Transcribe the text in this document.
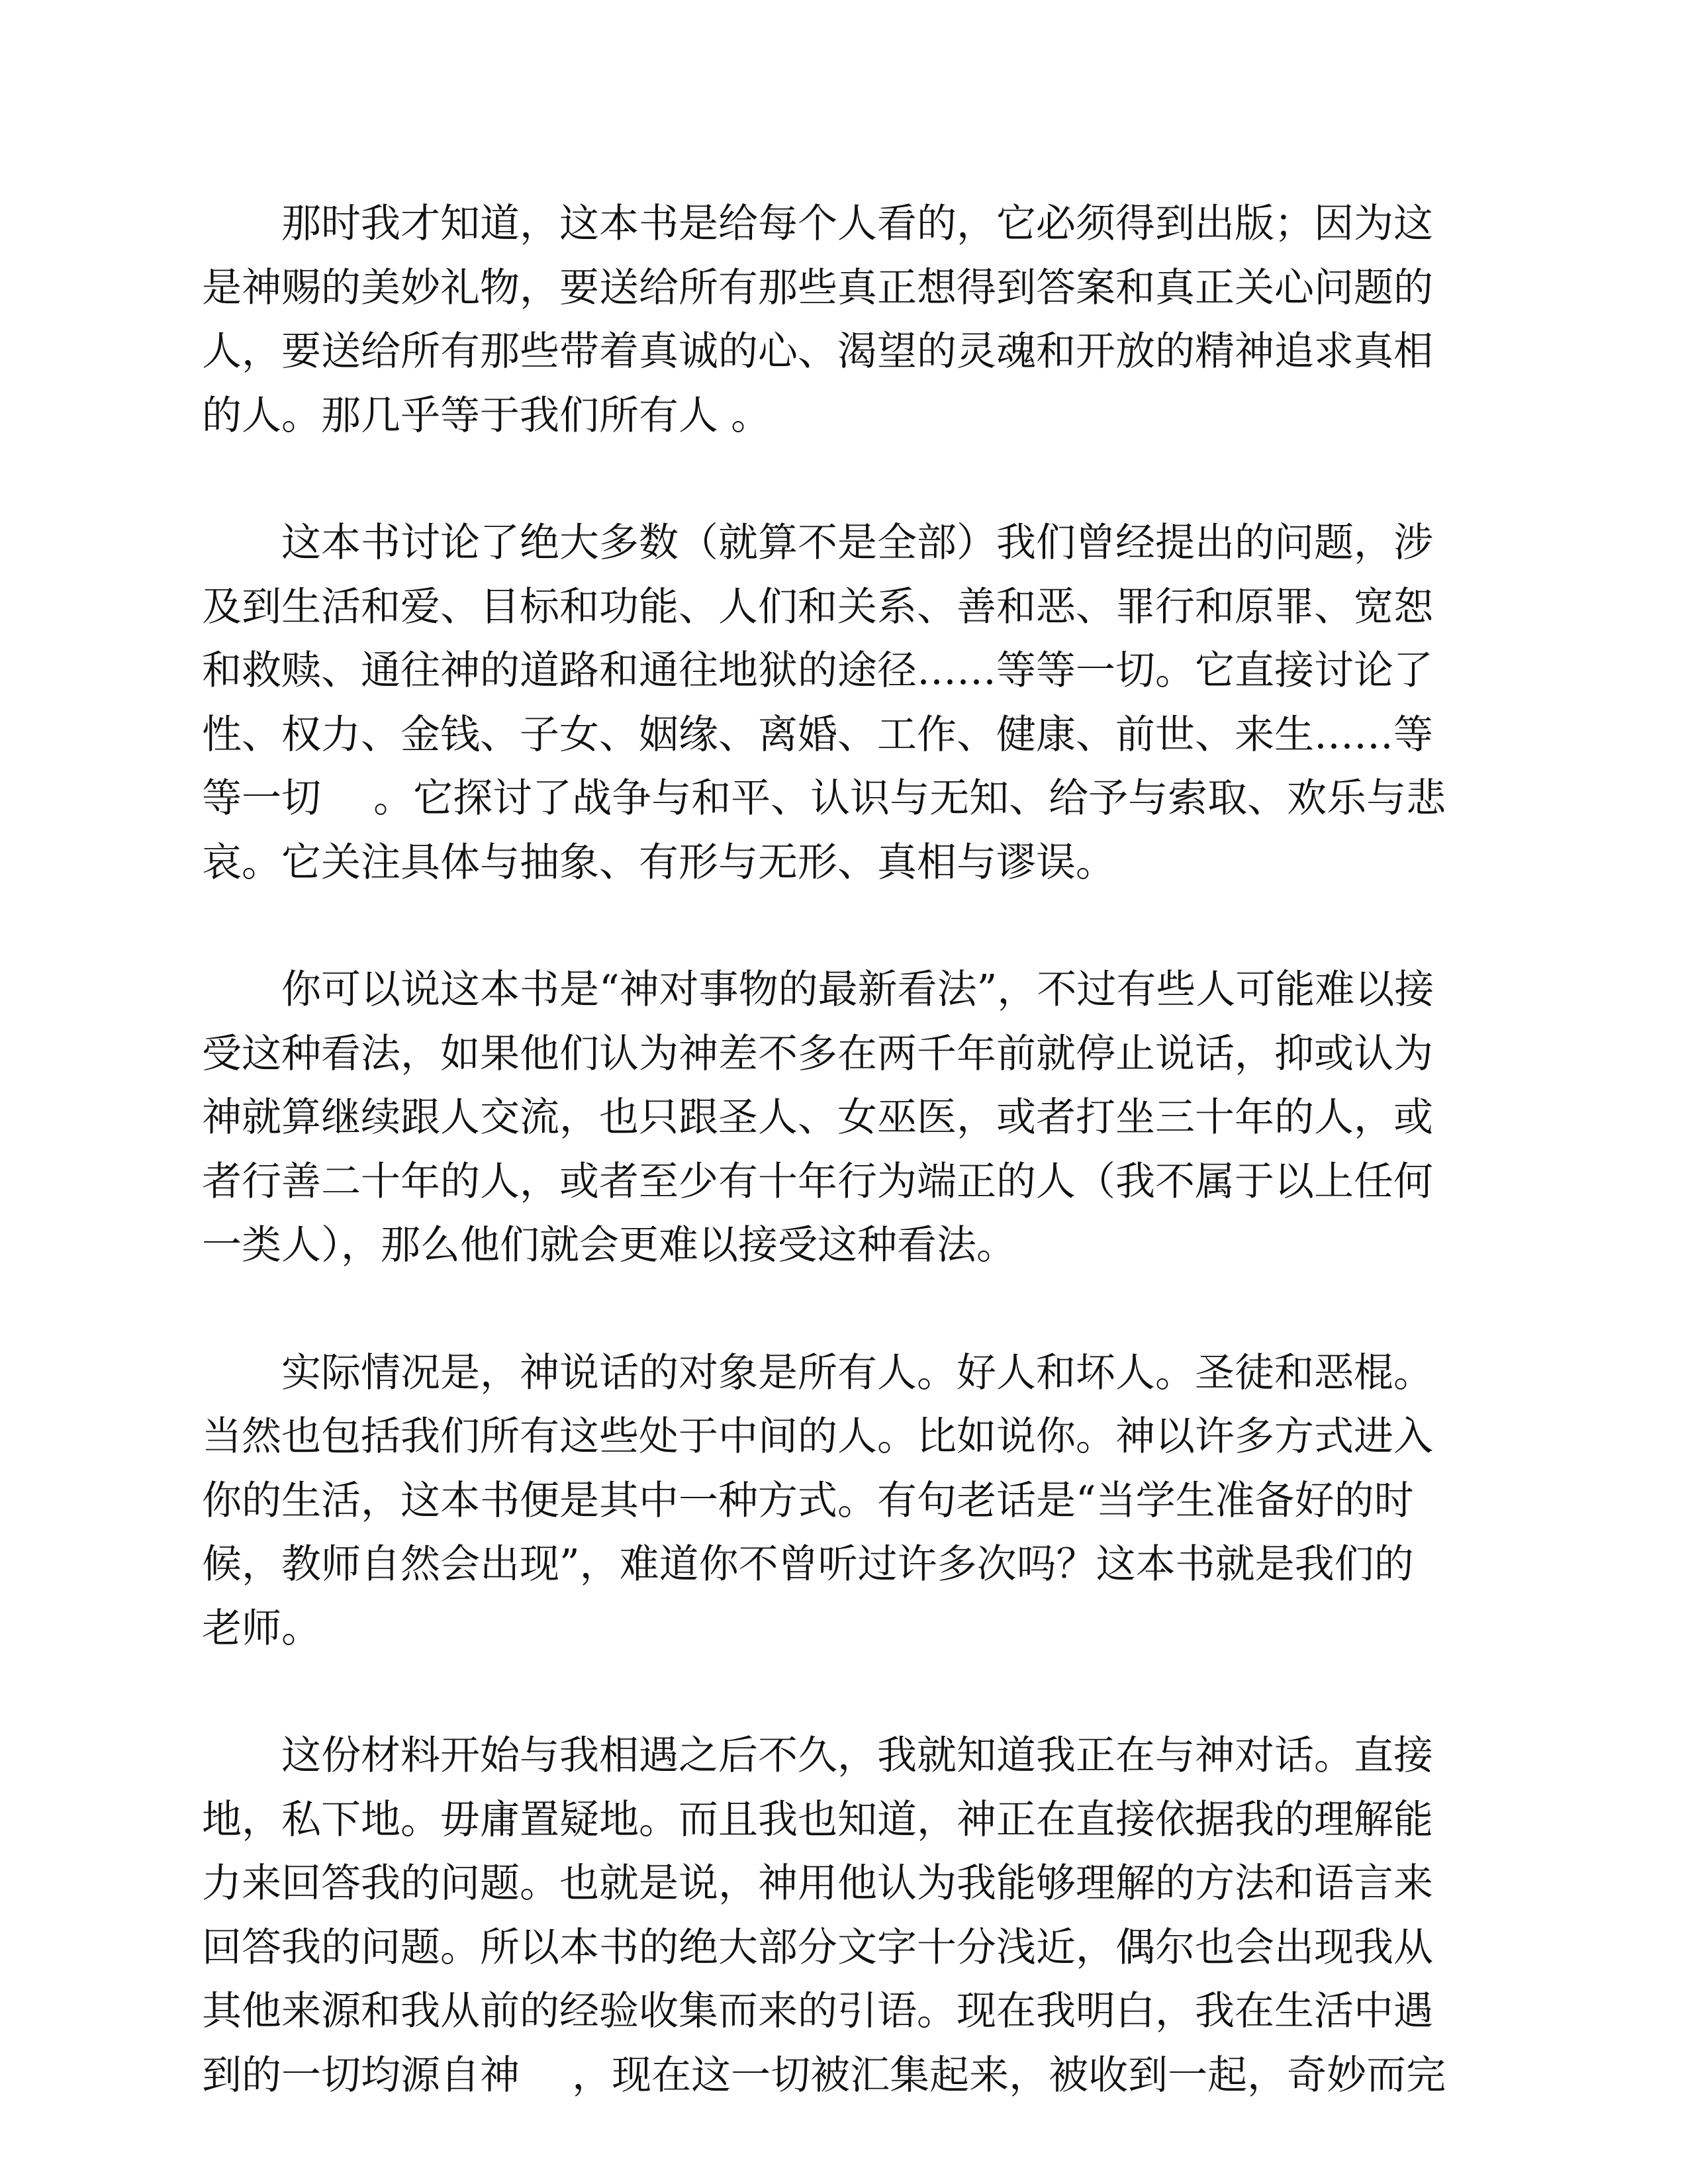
　　那时我才知道，这本书是给每个人看的，它必须得到出版；因为这
是神赐的美妙礼物，要送给所有那些真正想得到答案和真正关心问题的
人，要送给所有那些带着真诚的心、渴望的灵魂和开放的精神追求真相
的人。那几乎等于我们所有人 。

　　这本书讨论了绝大多数（就算不是全部）我们曾经提出的问题，涉
及到生活和爱、目标和功能、人们和关系、善和恶、罪行和原罪、宽恕
和救赎、通往神的道路和通往地狱的途径……等等一切。它直接讨论了
性、权力、金钱、子女、姻缘、离婚、工作、健康、前世、来生……等
等一切　 。它探讨了战争与和平、认识与无知、给予与索取、欢乐与悲
哀。它关注具体与抽象、有形与无形、真相与谬误。

　　你可以说这本书是“神对事物的最新看法”，不过有些人可能难以接
受这种看法，如果他们认为神差不多在两千年前就停止说话，抑或认为
神就算继续跟人交流，也只跟圣人、女巫医，或者打坐三十年的人，或
者行善二十年的人，或者至少有十年行为端正的人（我不属于以上任何
一类人），那么他们就会更难以接受这种看法。

　　实际情况是，神说话的对象是所有人。好人和坏人。圣徒和恶棍。
当然也包括我们所有这些处于中间的人。比如说你。神以许多方式进入
你的生活，这本书便是其中一种方式。有句老话是“当学生准备好的时
候，教师自然会出现”，难道你不曾听过许多次吗？这本书就是我们的
老师。

　　这份材料开始与我相遇之后不久，我就知道我正在与神对话。直接
地，私下地。毋庸置疑地。而且我也知道，神正在直接依据我的理解能
力来回答我的问题。也就是说，神用他认为我能够理解的方法和语言来
回答我的问题。所以本书的绝大部分文字十分浅近，偶尔也会出现我从
其他来源和我从前的经验收集而来的引语。现在我明白，我在生活中遇
到的一切均源自神　 ，现在这一切被汇集起来，被收到一起，奇妙而完
